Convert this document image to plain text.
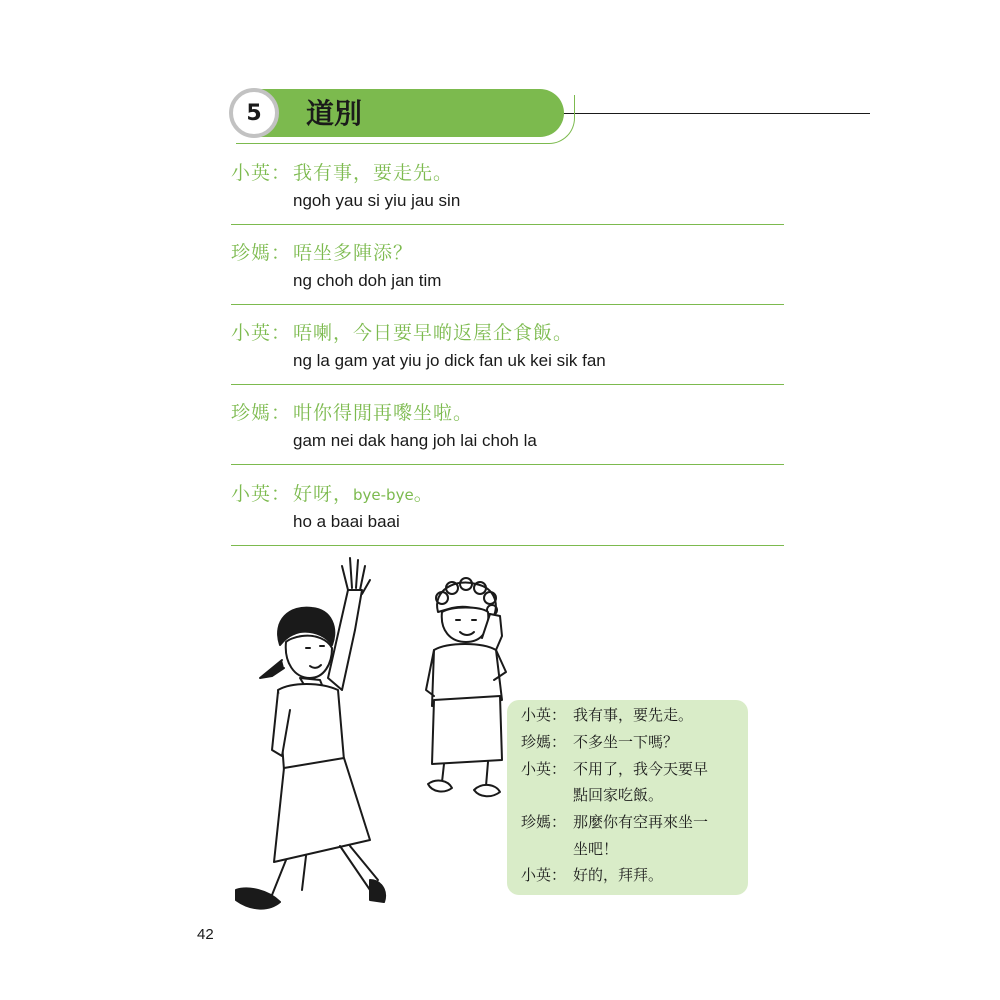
5	道別
小英 ： 我有事，要走先。
ngoh yau si yiu jau sin
珍媽 ： 唔坐多陣添？
ng choh doh jan tim
小英 ： 唔喇，今日要早啲返屋企食飯。
ng la gam yat yiu jo dick fan uk kei sik fan
珍媽 ： 咁你得閒再嚟坐啦。
gam nei dak hang joh lai choh la
小英 ： 好呀，bye-bye。
ho a baai baai
小英： 我有事，要先走。
珍媽： 不多坐一下嗎？
小英： 不用了，我今天要早
點回家吃飯。
珍媽： 那麼你有空再來坐一
坐吧！
小英： 好的，拜拜。
42
